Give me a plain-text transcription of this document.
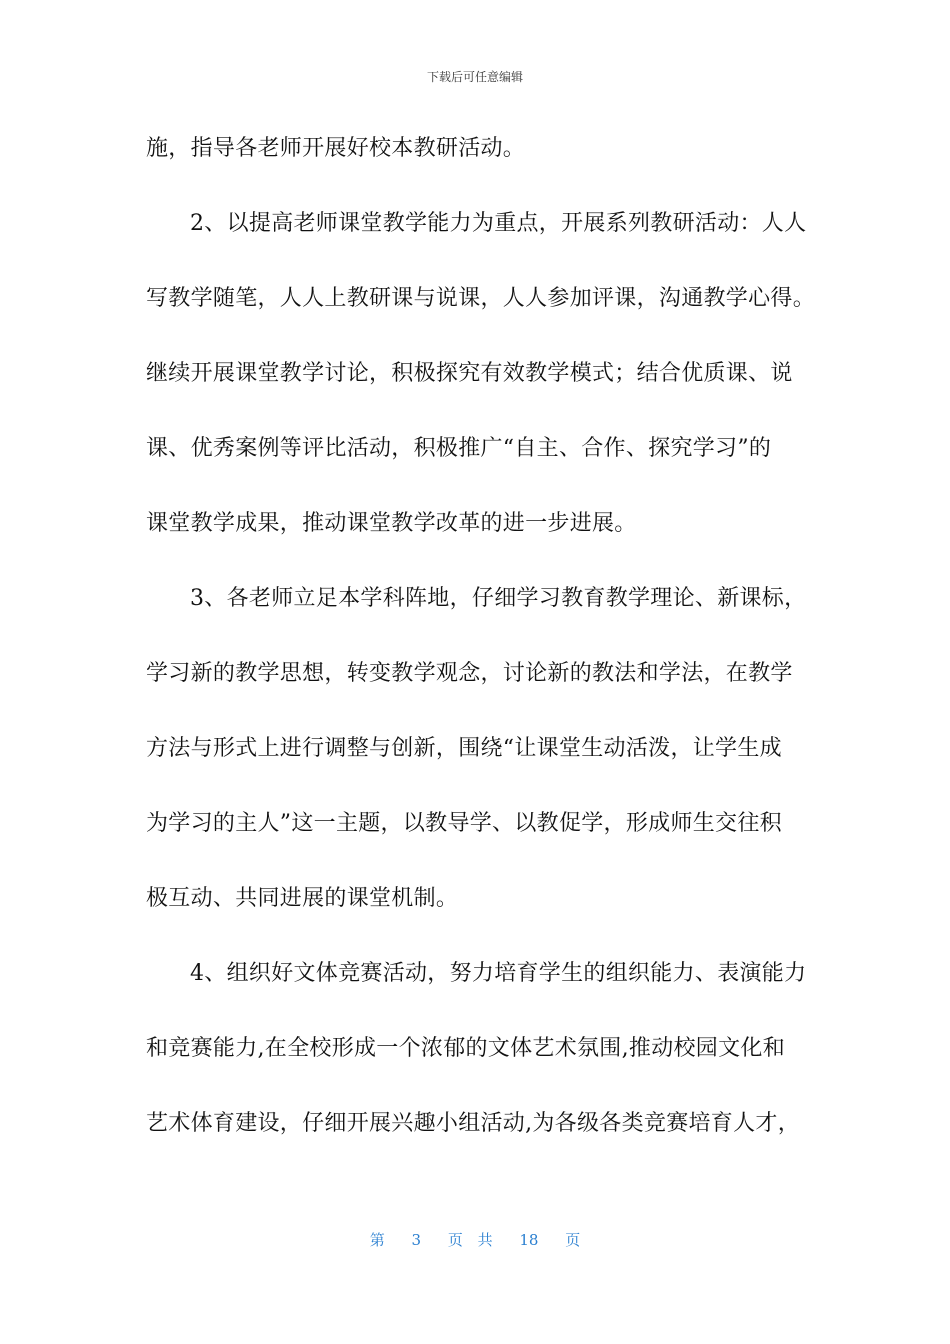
下载后可任意编辑
施，指导各老师开展好校本教研活动。
2、以提高老师课堂教学能力为重点，开展系列教研活动：人人
写教学随笔，人人上教研课与说课，人人参加评课，沟通教学心得。
继续开展课堂教学讨论，积极探究有效教学模式；结合优质课、说
课、优秀案例等评比活动，积极推广“自主、合作、探究学习”的
课堂教学成果，推动课堂教学改革的进一步进展。
3、各老师立足本学科阵地，仔细学习教育教学理论、新课标，
学习新的教学思想，转变教学观念，讨论新的教法和学法，在教学
方法与形式上进行调整与创新，围绕“让课堂生动活泼，让学生成
为学习的主人”这一主题，以教导学、以教促学，形成师生交往积
极互动、共同进展的课堂机制。
4、组织好文体竞赛活动，努力培育学生的组织能力、表演能力
和竞赛能力,在全校形成一个浓郁的文体艺术氛围,推动校园文化和
艺术体育建设，仔细开展兴趣小组活动,为各级各类竞赛培育人才，
第 3 页 共 18 页
